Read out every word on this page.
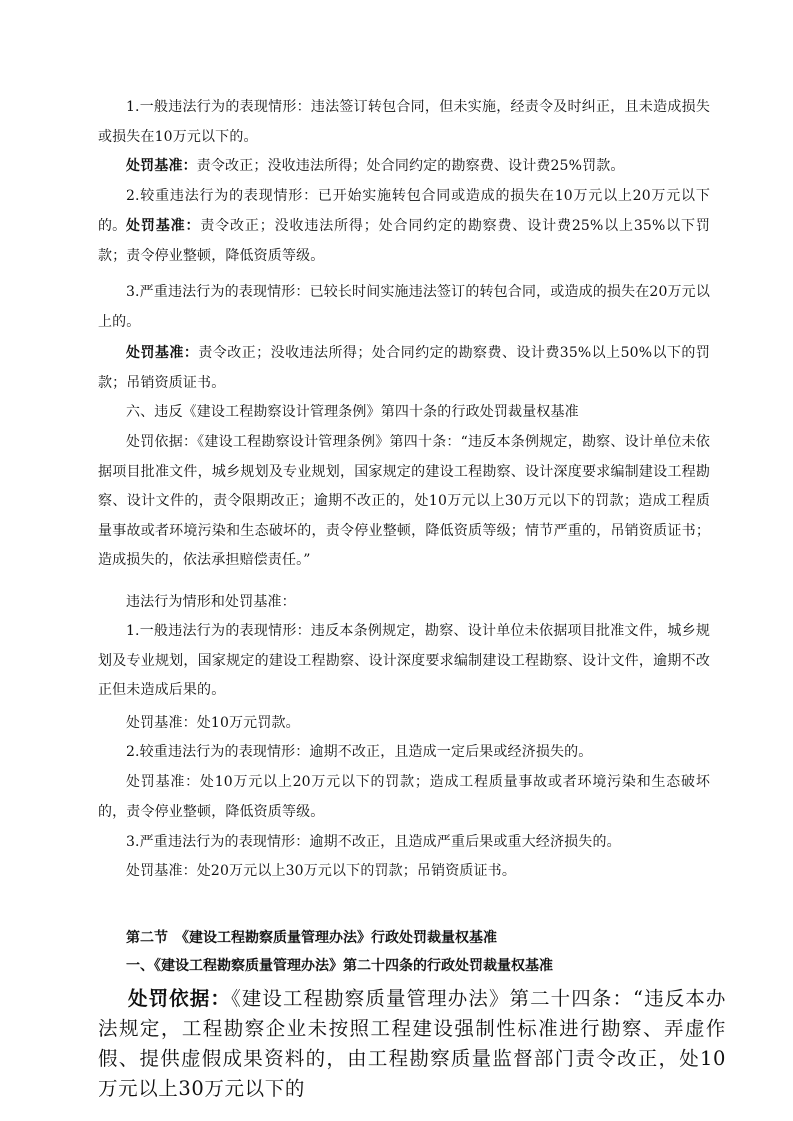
1.一般违法行为的表现情形：违法签订转包合同，但未实施，经责令及时纠正，且未造成损失或损失在10万元以下的。

处罚基准：责令改正；没收违法所得；处合同约定的勘察费、设计费25%罚款。

2.较重违法行为的表现情形：已开始实施转包合同或造成的损失在10万元以上20万元以下的。 处罚基准：责令改正；没收违法所得；处合同约定的勘察费、设计费25%以上35%以下罚款；责令停业整顿，降低资质等级。

3.严重违法行为的表现情形：已较长时间实施违法签订的转包合同，或造成的损失在20万元以上的。

处罚基准：责令改正；没收违法所得；处合同约定的勘察费、设计费35%以上50%以下的罚款；吊销资质证书。

六、违反《建设工程勘察设计管理条例》第四十条的行政处罚裁量权基准

处罚依据：《建设工程勘察设计管理条例》第四十条：“违反本条例规定，勘察、设计单位未依据项目批准文件，城乡规划及专业规划，国家规定的建设工程勘察、设计深度要求编制建设工程勘察、设计文件的，责令限期改正；逾期不改正的，处10万元以上30万元以下的罚款；造成工程质量事故或者环境污染和生态破坏的，责令停业整顿，降低资质等级；情节严重的，吊销资质证书；造成损失的，依法承担赔偿责任。”

违法行为情形和处罚基准：

1.一般违法行为的表现情形：违反本条例规定，勘察、设计单位未依据项目批准文件，城乡规划及专业规划，国家规定的建设工程勘察、设计深度要求编制建设工程勘察、设计文件，逾期不改正但未造成后果的。

处罚基准：处10万元罚款。

2.较重违法行为的表现情形：逾期不改正，且造成一定后果或经济损失的。

处罚基准：处10万元以上20万元以下的罚款；造成工程质量事故或者环境污染和生态破坏的，责令停业整顿，降低资质等级。

3.严重违法行为的表现情形：逾期不改正，且造成严重后果或重大经济损失的。

处罚基准：处20万元以上30万元以下的罚款；吊销资质证书。

第二节　《建设工程勘察质量管理办法》行政处罚裁量权基准

一、《建设工程勘察质量管理办法》第二十四条的行政处罚裁量权基准

处罚依据：《建设工程勘察质量管理办法》第二十四条：“违反本办法规定，工程勘察企业未按照工程建设强制性标准进行勘察、弄虚作假、提供虚假成果资料的，由工程勘察质量监督部门责令改正，处10万元以上30万元以下的
